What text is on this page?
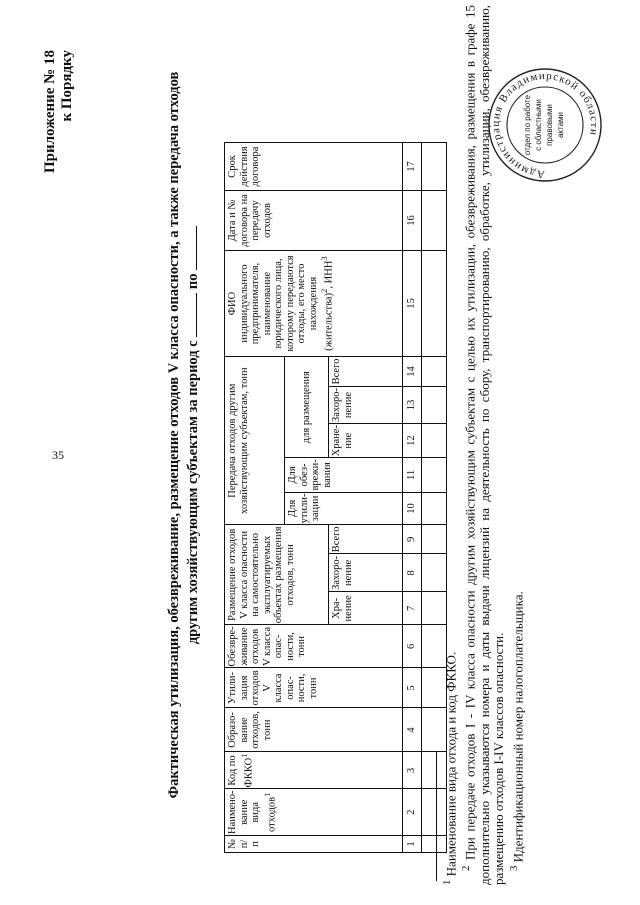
35
Приложение № 18 к Порядку	Фактическая утилизация, обезвреживание, размещение отходов V класса опасности, а также передача отходов другим хозяйствующим субъектам за период с  по
№ п/п	Наимено-вание вида отходов$^1$	Код по ФККО$^1$	Образо-вание отходов, тонн	Утили-зация отходов V класса опас-ности, тонн	Обезвре-живание отходов V класса опас-ности, тонн	Размещение отходов V класса опасности на самостоятельно эксплуатируемых объектах размещения отходов, тонн			Передача отходов другим хозяйствующим субъектам, тонн					ФИО индивидуального предпринимателя, наименование юридического лица, которому передаются отходы, его место нахождения (жительства)$^2$, ИНН$^3$	Дата и № договора на передачу отходов	Срок действия договора
									Для утили-зации	Для обез-врежи-вания	для размещения					
						Хра-нение	Захоро-нение	Всего			Хране-ние	Захоро-нение	Всего			
1	2	3	4	5	6	7	8	9	10	11	12	13	14	15	16	17

$^1$ Наименование вида отхода и код ФККО. $^2$ При передаче отходов I - IV класса опасности другим хозяйствующим субъектам с целью их утилизации, обезвреживания, размещения в графе 15 дополнительно указываются номера и даты выдачи лицензий на деятельность по сбору, транспортированию, обработке, утилизации, обезвреживанию, размещению отходов I-IV классов опасности. $^3$ Идентификационный номер налогоплательщика.

Администрация Владимирской области
отдел по работе с областными правовыми актами
